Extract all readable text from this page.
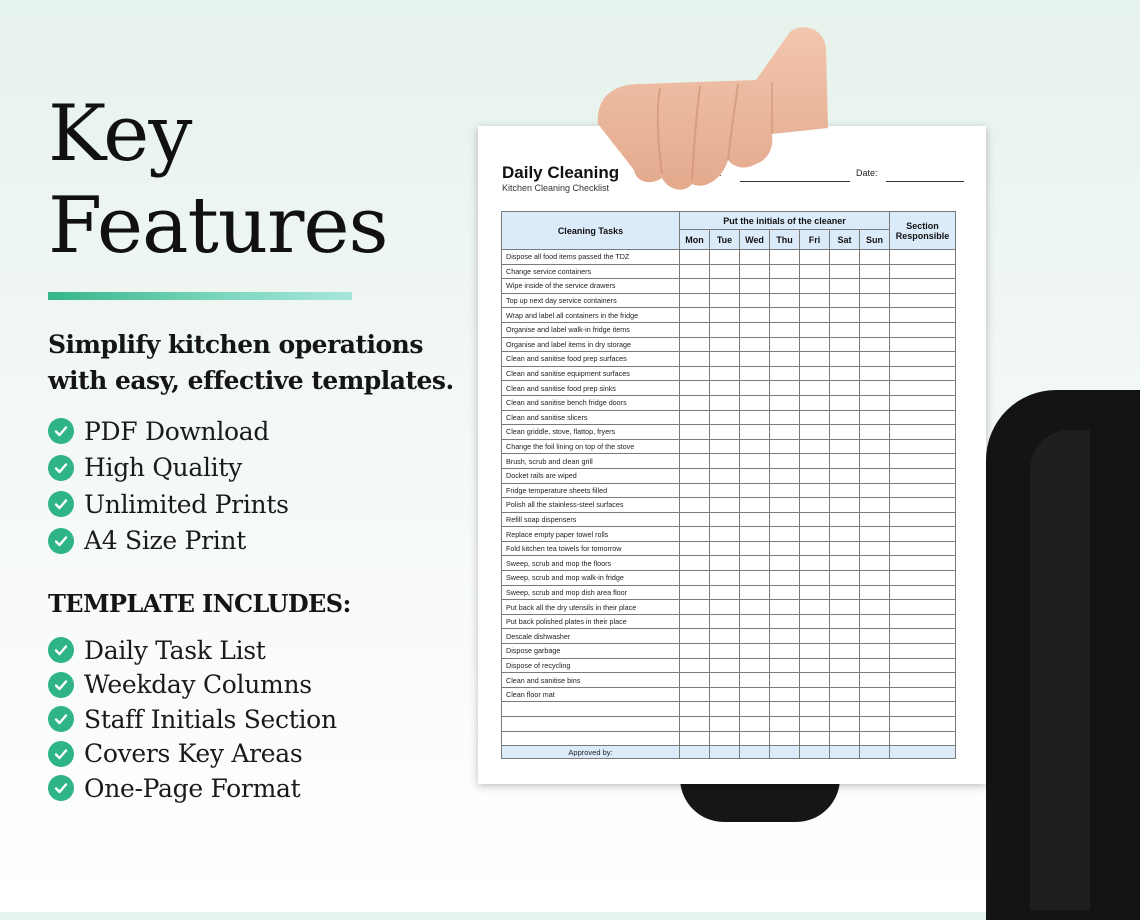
Key
Features

Simplify kitchen operations
with easy, effective templates.

PDF Download
High Quality
Unlimited Prints
A4 Size Print
TEMPLATE INCLUDES:
Daily Task List
Weekday Columns
Staff Initials Section
Covers Key Areas
One-Page Format
Daily Cleaning
Kitchen Cleaning Checklist
Date:
Cleaning Tasks	Put the initials of the cleaner							Section Responsible
	Mon	Tue	Wed	Thu	Fri	Sat	Sun	
Dispose all food items passed the TDZ								
Change service containers								
Wipe inside of the service drawers								
Top up next day service containers								
Wrap and label all containers in the fridge								
Organise and label walk-in fridge items								
Organise and label items in dry storage								
Clean and sanitise food prep surfaces								
Clean and sanitise equipment surfaces								
Clean and sanitise food prep sinks								
Clean and sanitise bench fridge doors								
Clean and sanitise slicers								
Clean griddle, stove, flattop, fryers								
Change the foil lining on top of the stove								
Brush, scrub and clean grill								
Docket rails are wiped								
Fridge temperature sheets filled								
Polish all the stainless-steel surfaces								
Refill soap dispensers								
Replace empty paper towel rolls								
Fold kitchen tea towels for tomorrow								
Sweep, scrub and mop the floors								
Sweep, scrub and mop walk-in fridge								
Sweep, scrub and mop dish area floor								
Put back all the dry utensils in their place								
Put back polished plates in their place								
Descale dishwasher								
Dispose garbage								
Dispose of recycling								
Clean and sanitise bins								
Clean floor mat								

Approved by:								
